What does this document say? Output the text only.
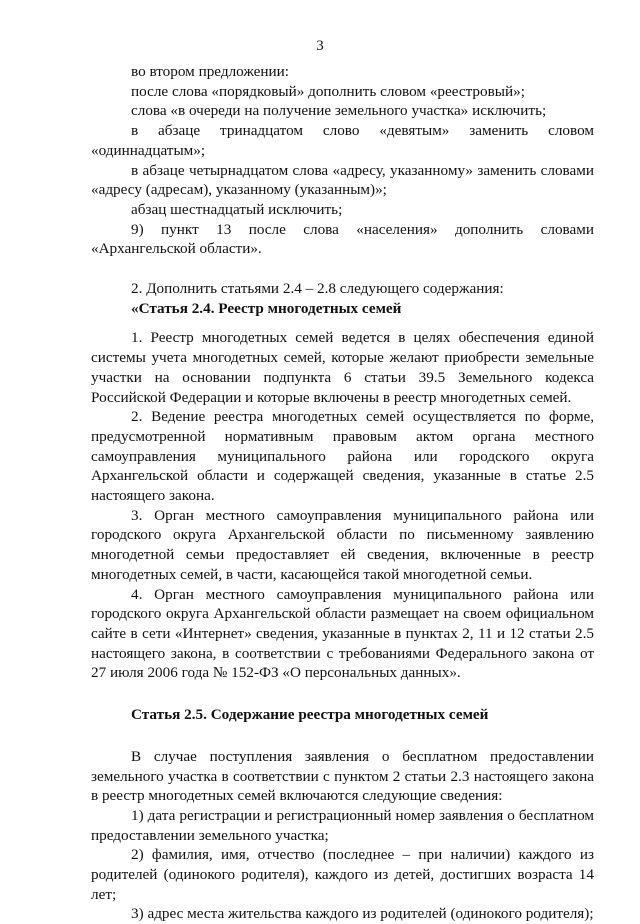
3

во втором предложении:

после слова «порядковый» дополнить словом «реестровый»;

слова «в очереди на получение земельного участка» исключить;

в абзаце тринадцатом слово «девятым» заменить словом «одиннадцатым»;

в абзаце четырнадцатом слова «адресу, указанному» заменить словами «адресу (адресам), указанному (указанным)»;

абзац шестнадцатый исключить;

9) пункт 13 после слова «населения» дополнить словами «Архангельской области».

2. Дополнить статьями 2.4 – 2.8 следующего содержания:

«Статья 2.4. Реестр многодетных семей

1. Реестр многодетных семей ведется в целях обеспечения единой системы учета многодетных семей, которые желают приобрести земельные участки на основании подпункта 6 статьи 39.5 Земельного кодекса Российской Федерации и которые включены в реестр многодетных семей.

2. Ведение реестра многодетных семей осуществляется по форме, предусмотренной нормативным правовым актом органа местного самоуправления муниципального района или городского округа Архангельской области и содержащей сведения, указанные в статье 2.5 настоящего закона.

3. Орган местного самоуправления муниципального района или городского округа Архангельской области по письменному заявлению многодетной семьи предоставляет ей сведения, включенные в реестр многодетных семей, в части, касающейся такой многодетной семьи.

4. Орган местного самоуправления муниципального района или городского округа Архангельской области размещает на своем официальном сайте в сети «Интернет» сведения, указанные в пунктах 2, 11 и 12 статьи 2.5 настоящего закона, в соответствии с требованиями Федерального закона от 27 июля 2006 года № 152-ФЗ «О персональных данных».

Статья 2.5. Содержание реестра многодетных семей

В случае поступления заявления о бесплатном предоставлении земельного участка в соответствии с пунктом 2 статьи 2.3 настоящего закона в реестр многодетных семей включаются следующие сведения:

1) дата регистрации и регистрационный номер заявления о бесплатном предоставлении земельного участка;

2) фамилия, имя, отчество (последнее – при наличии) каждого из родителей (одинокого родителя), каждого из детей, достигших возраста 14 лет;

3) адрес места жительства каждого из родителей (одинокого родителя);
